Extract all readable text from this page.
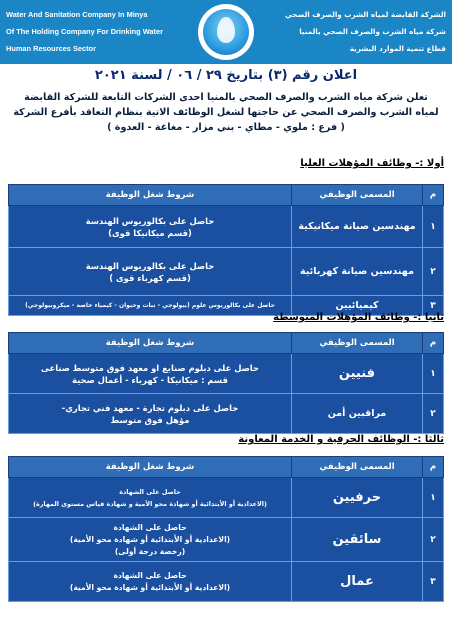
Water And Sanitation Company In Minya
Of The Holding Company For Drinking Water
Human Resources Sector
الشركة القابضة لمياه الشرب والصرف الصحي
شركة مياه الشرب والصرف الصحي بالمنيا
قطاع تنمية الموارد البشرية
اعلان رقم (٣) بتاريخ ٢٩ / ٠٦ / لسنة ٢٠٢١
تعلن شركة مياه الشرب والصرف الصحي بالمنيا احدى الشركات التابعة للشركة القابضة
لمياه الشرب والصرف الصحي عن حاجتها لشغل الوظائف الاتية بنظام التعاقد بأفرع الشركة
( فرع : ملوي - مطاي - بني مزار - مغاغة - العدوة )
أولا :- وظائف المؤهلات العليا
م	المسمى الوظيفي	شروط شغل الوظيفة
١	مهندسين صيانة ميكانيكية	حاصل على بكالوريوس الهندسة
(قسم ميكانيكا قوى)

٢	مهندسين صيانة كهربائية	حاصل على بكالوريوس الهندسة
(قسم كهرباء قوى )

٣	كيميائيين	حاصل على بكالوريوس علوم (بيولوجي - نبات وحيوان - كيمياء خاصة - ميكروبيولوجي)
ثانيا :- وظائف المؤهلات المتوسطة
م	المسمى الوظيفي	شروط شغل الوظيفة
١	فنيين	حاصل على دبلوم صنايع او معهد فوق متوسط صناعى
قسم : ميكانيكا - كهرباء - أعمال صحية

٢	مراقبين أمن	حاصل على دبلوم تجارة - معهد فني تجاري-
مؤهل فوق متوسط
ثالثا :- الوظائف الحرفية و الخدمة المعاونة
م	المسمى الوظيفي	شروط شغل الوظيفة
١	حرفيين	حاصل على الشهادة
(الاعدادية أو الأبتدائية أو شهادة محو الأمية و شهادة قياس مستوى المهارة)

٢	سائقين	حاصل على الشهادة
(الاعدادية أو الأبتدائية أو شهادة محو الأمية)
(رخصة درجة أولى)

٣	عمال	حاصل على الشهادة
(الاعدادية أو الأبتدائية أو شهادة محو الأمية)
